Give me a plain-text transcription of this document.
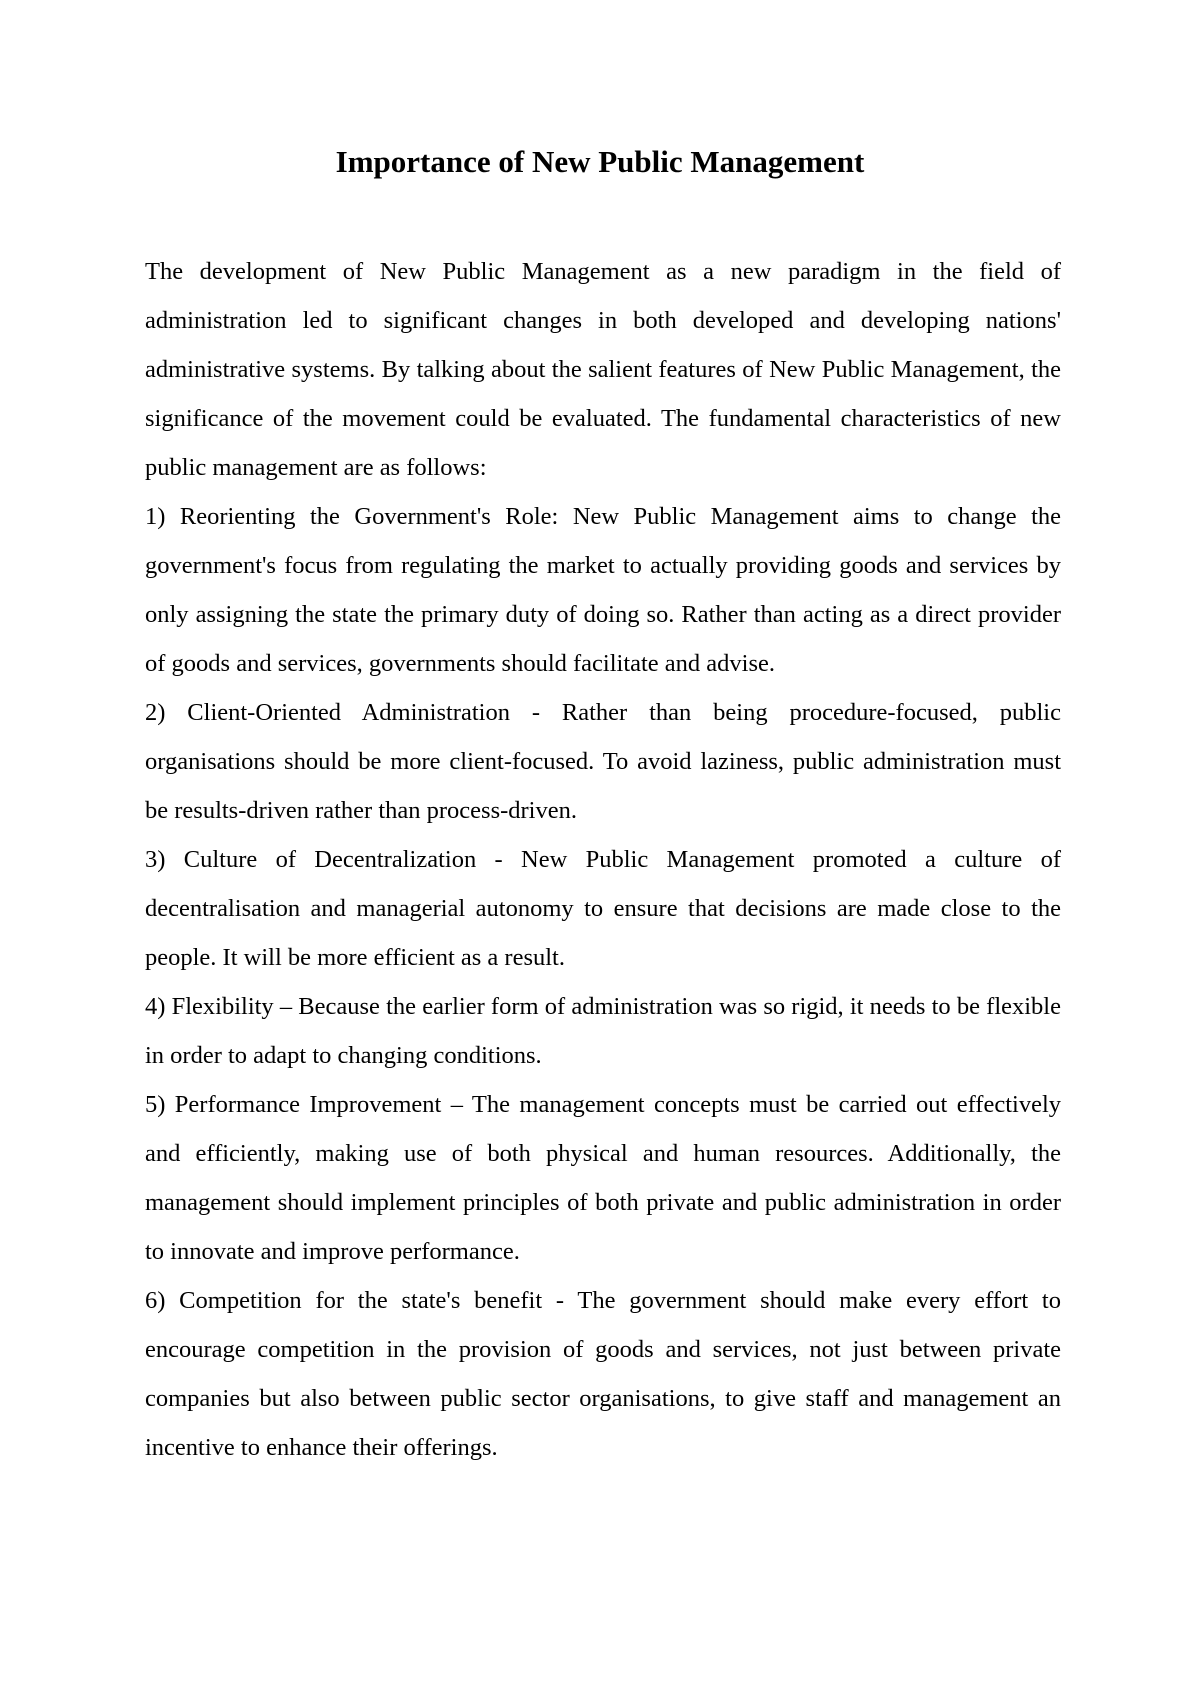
Importance of New Public Management

The development of New Public Management as a new paradigm in the field of administration led to significant changes in both developed and developing nations' administrative systems. By talking about the salient features of New Public Management, the significance of the movement could be evaluated. The fundamental characteristics of new public management are as follows:

1) Reorienting the Government's Role: New Public Management aims to change the government's focus from regulating the market to actually providing goods and services by only assigning the state the primary duty of doing so. Rather than acting as a direct provider of goods and services, governments should facilitate and advise.

2) Client-Oriented Administration - Rather than being procedure-focused, public organisations should be more client-focused. To avoid laziness, public administration must be results-driven rather than process-driven.

3) Culture of Decentralization - New Public Management promoted a culture of decentralisation and managerial autonomy to ensure that decisions are made close to the people. It will be more efficient as a result.

4) Flexibility – Because the earlier form of administration was so rigid, it needs to be flexible in order to adapt to changing conditions.

5) Performance Improvement – The management concepts must be carried out effectively and efficiently, making use of both physical and human resources. Additionally, the management should implement principles of both private and public administration in order to innovate and improve performance.

6) Competition for the state's benefit - The government should make every effort to encourage competition in the provision of goods and services, not just between private companies but also between public sector organisations, to give staff and management an incentive to enhance their offerings.
